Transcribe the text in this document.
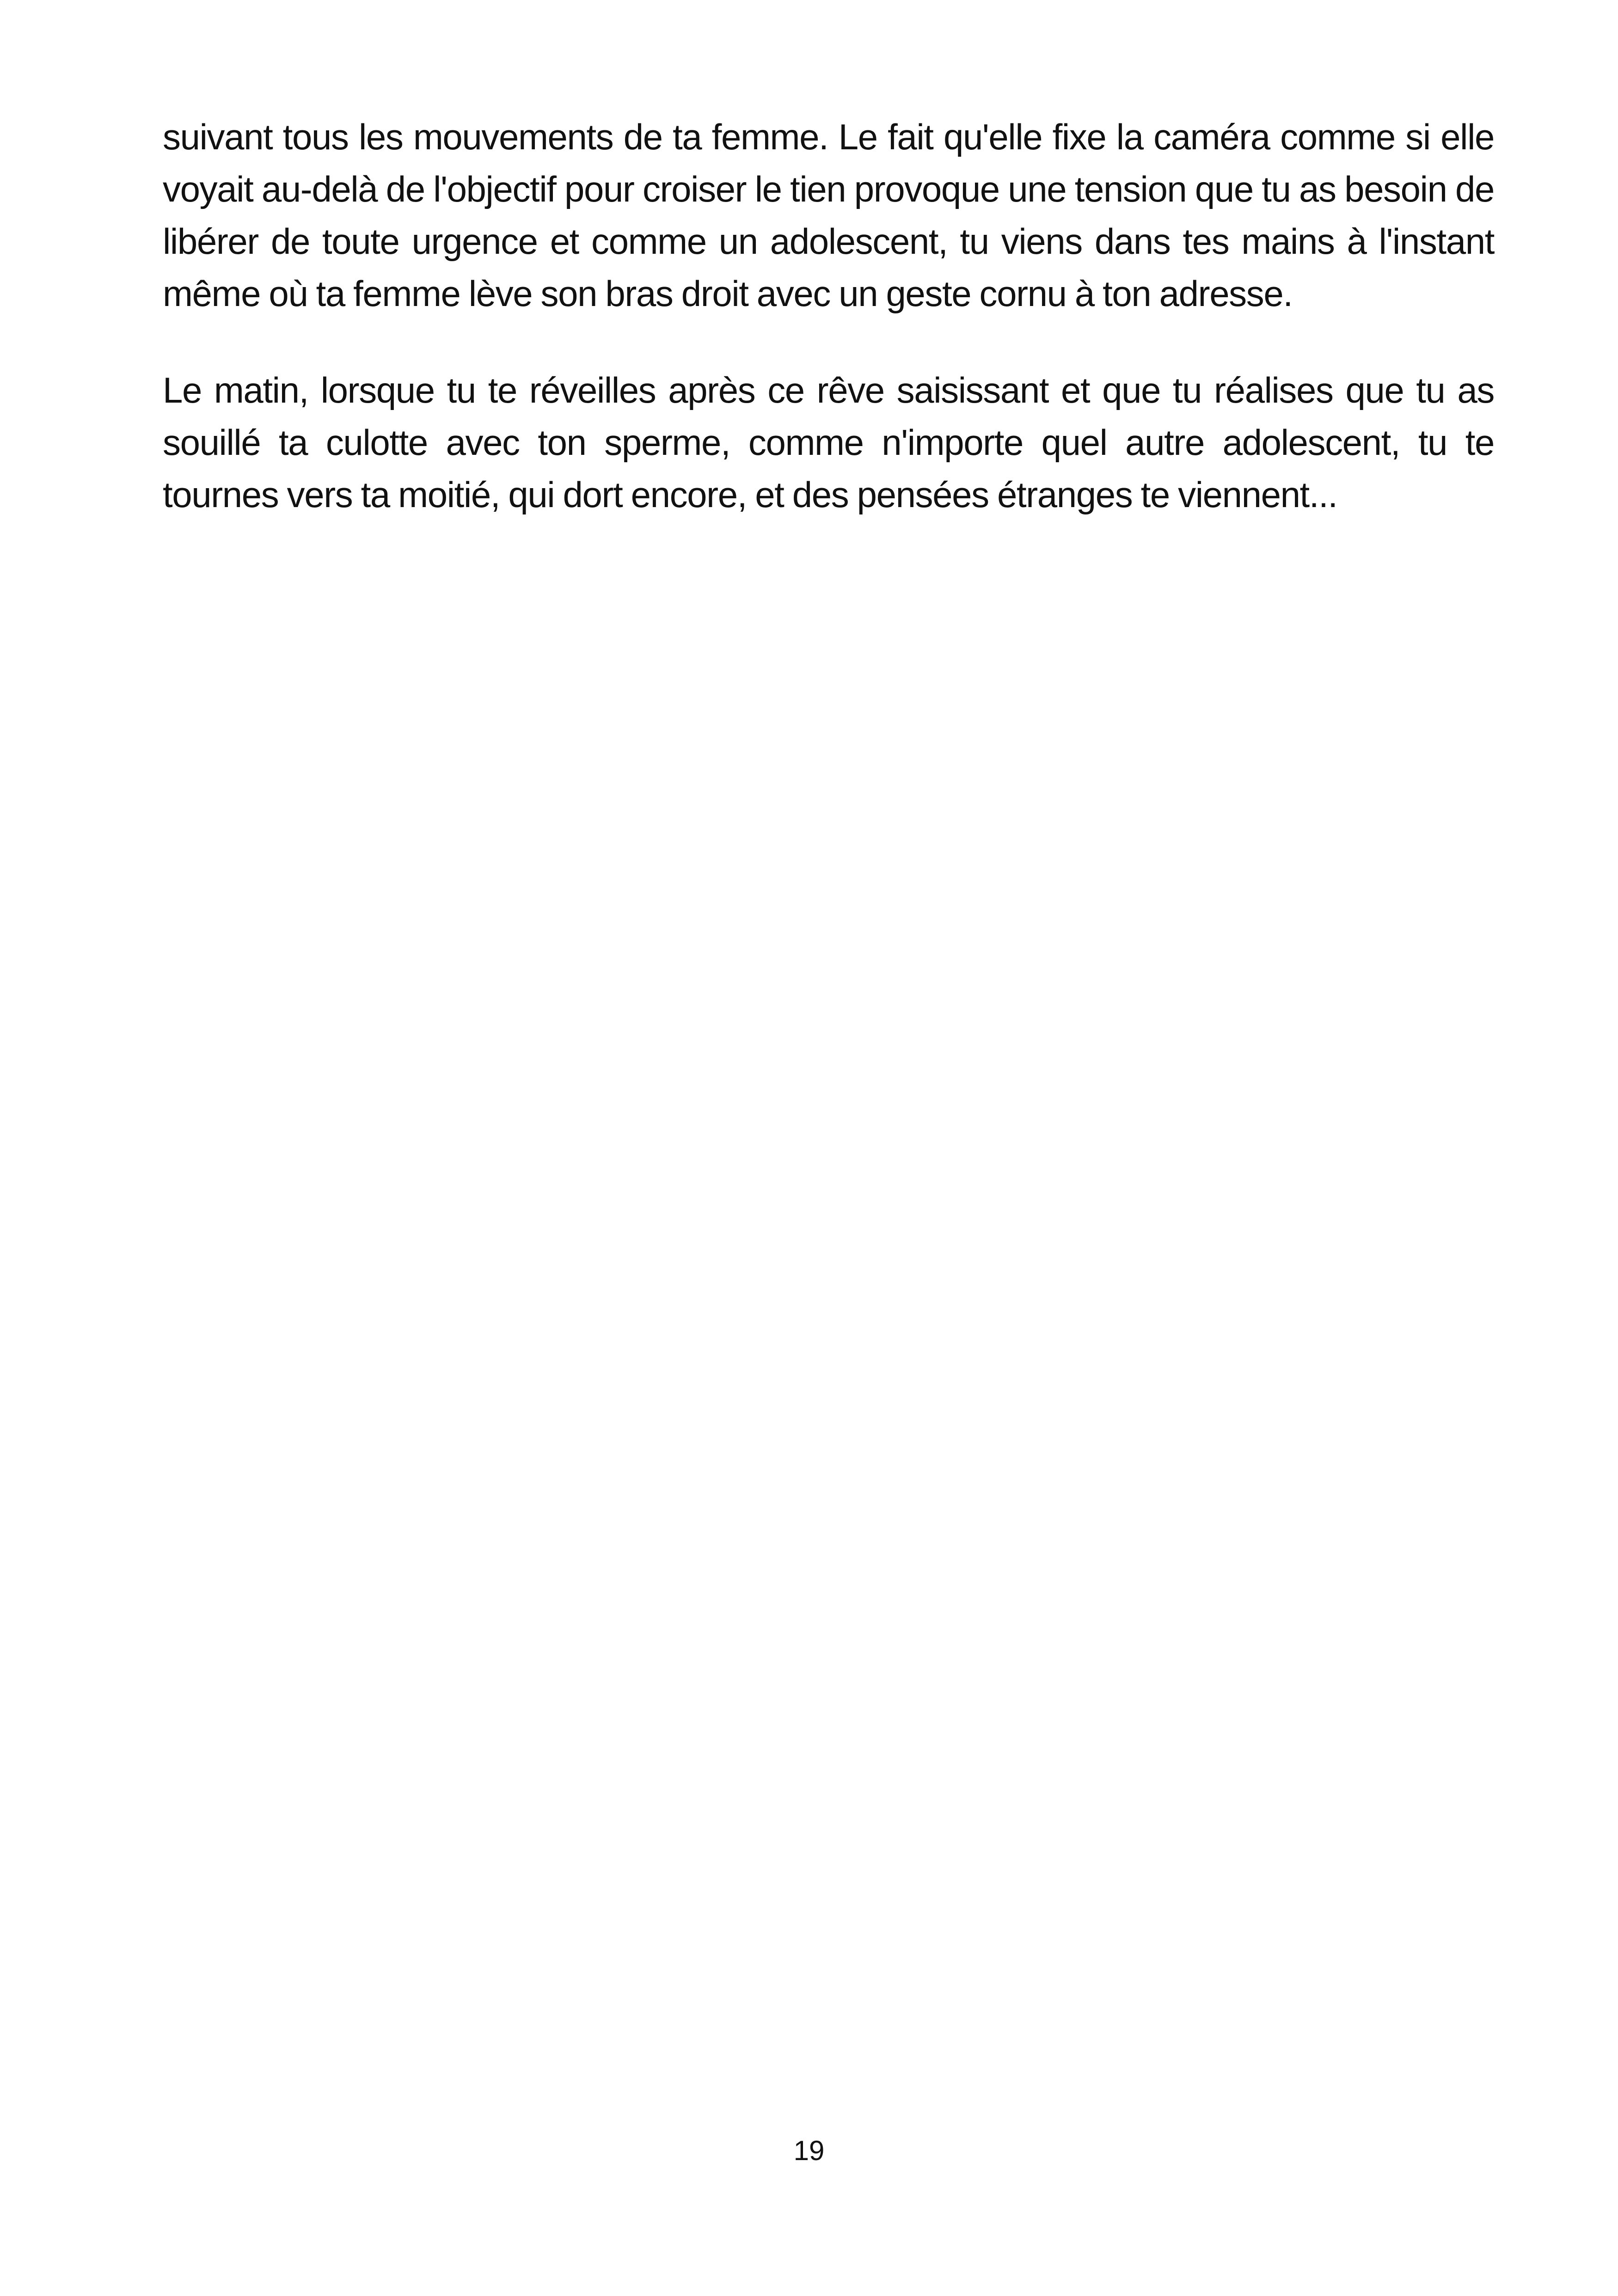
suivant tous les mouvements de ta femme. Le fait qu'elle fixe la caméra comme si elle voyait au-delà de l'objectif pour croiser le tien provoque une tension que tu as besoin de libérer de toute urgence et comme un adolescent, tu viens dans tes mains à l'instant même où ta femme lève son bras droit avec un geste cornu à ton adresse.

Le matin, lorsque tu te réveilles après ce rêve saisissant et que tu réalises que tu as souillé ta culotte avec ton sperme, comme n'importe quel autre adolescent, tu te tournes vers ta moitié, qui dort encore, et des pensées étranges te viennent...

19
